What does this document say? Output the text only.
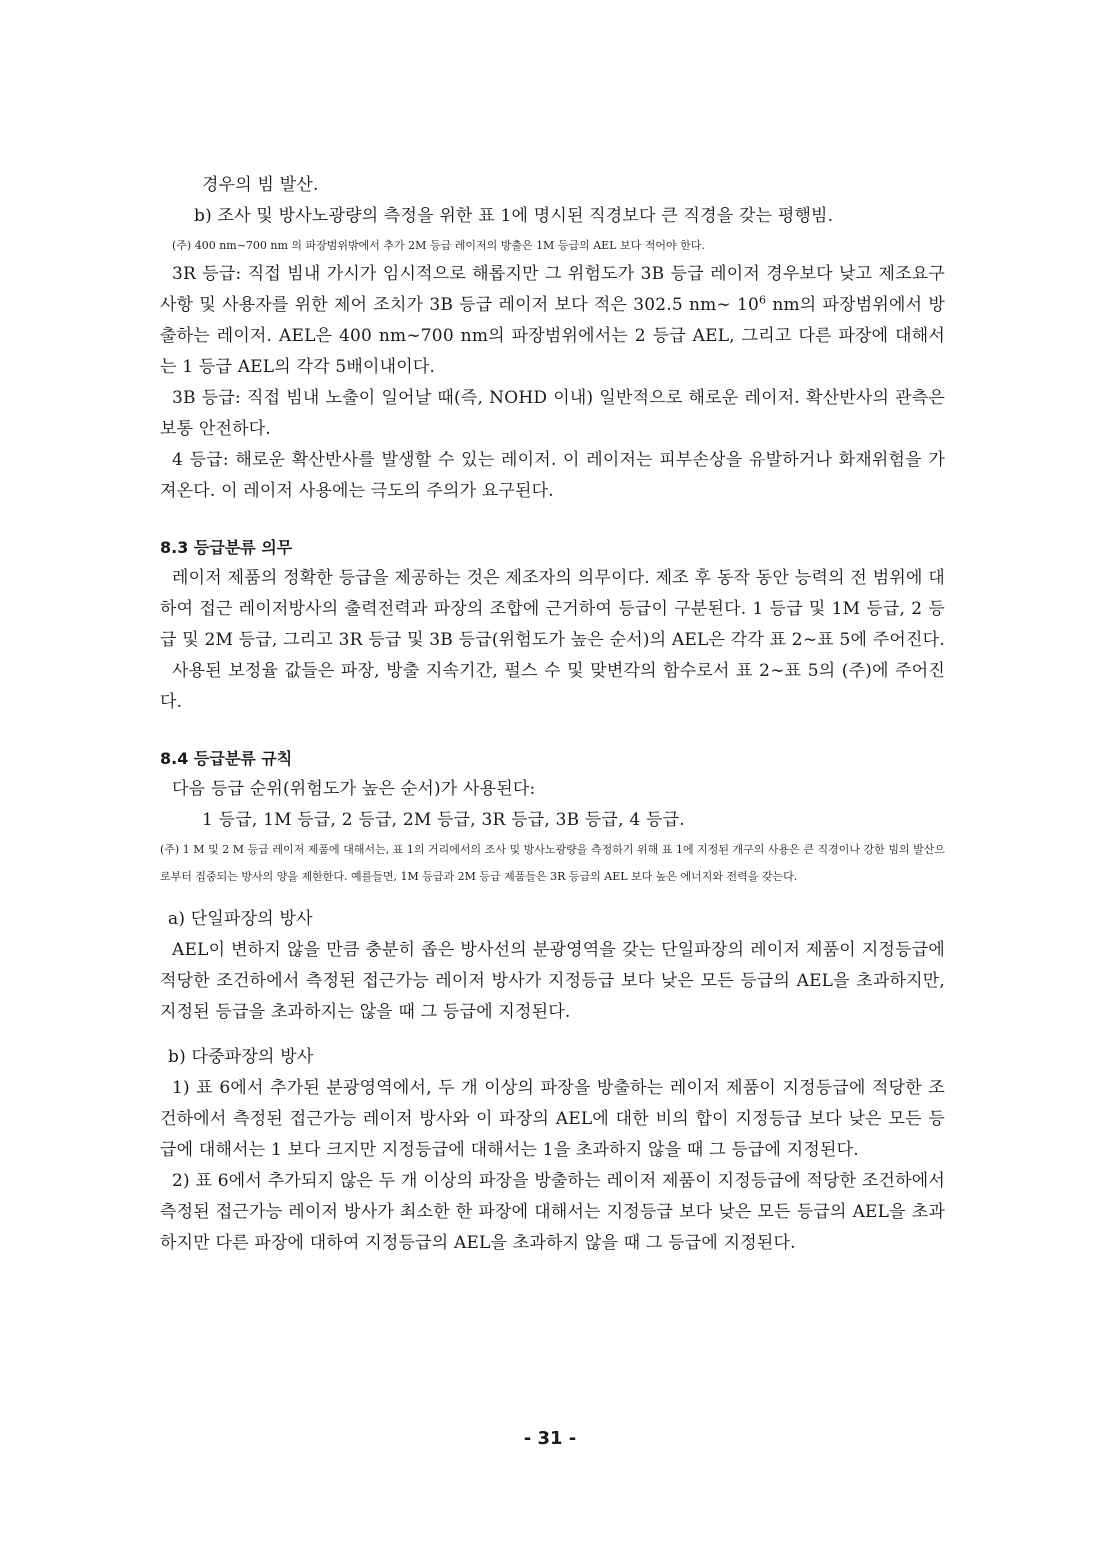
경우의 빔 발산.

b) 조사 및 방사노광량의 측정을 위한 표 1에 명시된 직경보다 큰 직경을 갖는 평행빔.

(주) 400 nm∼700 nm 의 파장범위밖에서 추가 2M 등급 레이저의 방출은 1M 등급의 AEL 보다 적어야 한다.

3R 등급: 직접 빔내 가시가 임시적으로 해롭지만 그 위험도가 3B 등급 레이저 경우보다 낮고 제조요구사항 및 사용자를 위한 제어 조치가 3B 등급 레이저 보다 적은 302.5 nm∼ $10^6$ nm의 파장범위에서 방출하는 레이저. AEL은 400 nm∼700 nm의 파장범위에서는 2 등급 AEL, 그리고 다른 파장에 대해서는 1 등급 AEL의 각각 5배이내이다.

3B 등급: 직접 빔내 노출이 일어날 때(즉, NOHD 이내) 일반적으로 해로운 레이저. 확산반사의 관측은 보통 안전하다.

4 등급: 해로운 확산반사를 발생할 수 있는 레이저. 이 레이저는 피부손상을 유발하거나 화재위험을 가져온다. 이 레이저 사용에는 극도의 주의가 요구된다.

8.3 등급분류 의무

레이저 제품의 정확한 등급을 제공하는 것은 제조자의 의무이다. 제조 후 동작 동안 능력의 전 범위에 대하여 접근 레이저방사의 출력전력과 파장의 조합에 근거하여 등급이 구분된다. 1 등급 및 1M 등급, 2 등급 및 2M 등급, 그리고 3R 등급 및 3B 등급(위험도가 높은 순서)의 AEL은 각각 표 2∼표 5에 주어진다.

사용된 보정율 값들은 파장, 방출 지속기간, 펄스 수 및 맞변각의 함수로서 표 2∼표 5의 (주)에 주어진다.

8.4 등급분류 규칙

다음 등급 순위(위험도가 높은 순서)가 사용된다:

1 등급, 1M 등급, 2 등급, 2M 등급, 3R 등급, 3B 등급, 4 등급.

(주) 1 M 및 2 M 등급 레이저 제품에 대해서는, 표 1의 거리에서의 조사 및 방사노광량을 측정하기 위해 표 1에 지정된 개구의 사용은 큰 직경이나 강한 빔의 발산으로부터 집중되는 방사의 양을 제한한다. 예를들면, 1M 등급과 2M 등급 제품들은 3R 등급의 AEL 보다 높은 에너지와 전력을 갖는다.

a) 단일파장의 방사

AEL이 변하지 않을 만큼 충분히 좁은 방사선의 분광영역을 갖는 단일파장의 레이저 제품이 지정등급에 적당한 조건하에서 측정된 접근가능 레이저 방사가 지정등급 보다 낮은 모든 등급의 AEL을 초과하지만, 지정된 등급을 초과하지는 않을 때 그 등급에 지정된다.

b) 다중파장의 방사

1) 표 6에서 추가된 분광영역에서, 두 개 이상의 파장을 방출하는 레이저 제품이 지정등급에 적당한 조건하에서 측정된 접근가능 레이저 방사와 이 파장의 AEL에 대한 비의 합이 지정등급 보다 낮은 모든 등급에 대해서는 1 보다 크지만 지정등급에 대해서는 1을 초과하지 않을 때 그 등급에 지정된다.

2) 표 6에서 추가되지 않은 두 개 이상의 파장을 방출하는 레이저 제품이 지정등급에 적당한 조건하에서 측정된 접근가능 레이저 방사가 최소한 한 파장에 대해서는 지정등급 보다 낮은 모든 등급의 AEL을 초과하지만 다른 파장에 대하여 지정등급의 AEL을 초과하지 않을 때 그 등급에 지정된다.

- 31 -
